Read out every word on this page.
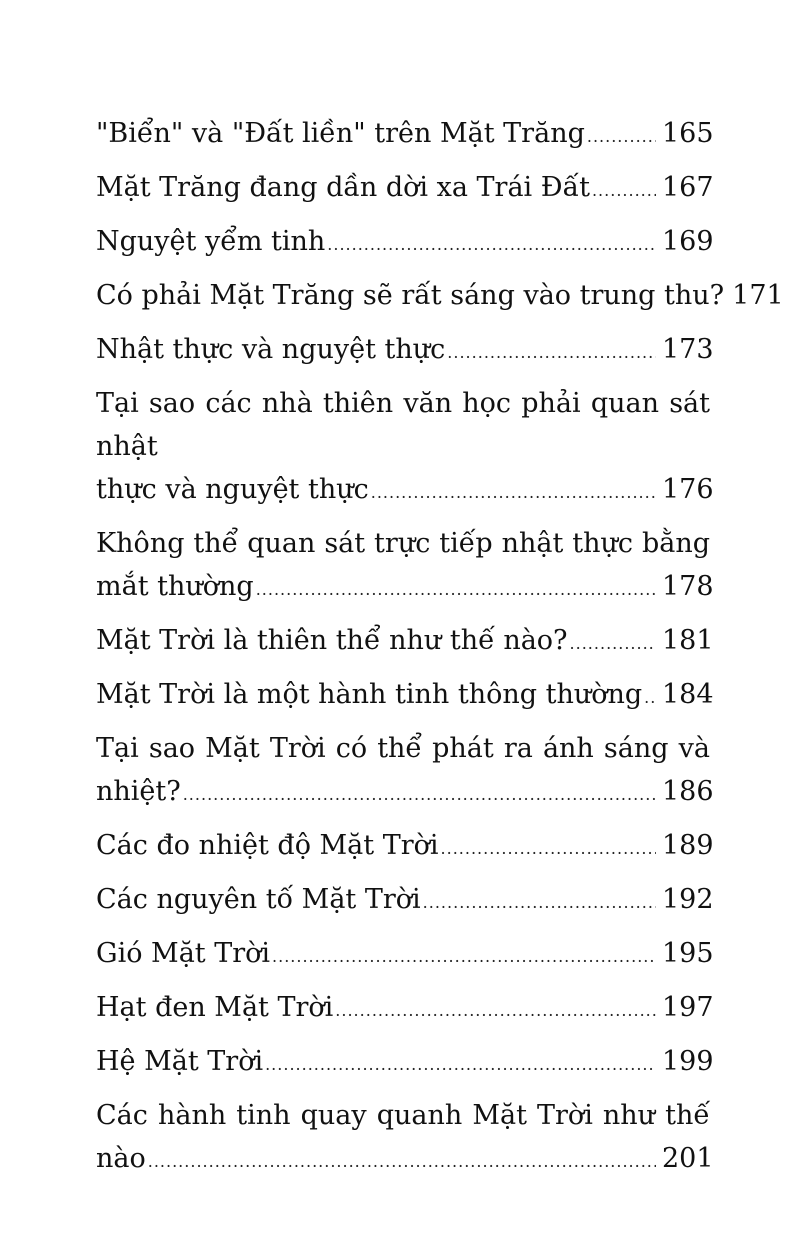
"Biển" và "Đất liền" trên Mặt Trăng .....	165
Mặt Trăng đang dần dời xa Trái Đất .....	167
Nguyệt yểm tinh .....	169
Có phải Mặt Trăng sẽ rất sáng vào trung thu? 171
Nhật thực và nguyệt thực .....	173
Tại sao các nhà thiên văn học phải quan sát nhật
thực và nguyệt thực .....	176
Không thể quan sát trực tiếp nhật thực bằng
mắt thường .....	178
Mặt Trời là thiên thể như thế nào? .....	181
Mặt Trời là một hành tinh thông thường ..... 184
Tại sao Mặt Trời có thể phát ra ánh sáng và
nhiệt? .....	186
Các đo nhiệt độ Mặt Trời .....	189
Các nguyên tố Mặt Trời .....	192
Gió Mặt Trời .....	195
Hạt đen Mặt Trời .....	197
Hệ Mặt Trời .....	199
Các hành tinh quay quanh Mặt Trời như thế
nào .....	201
